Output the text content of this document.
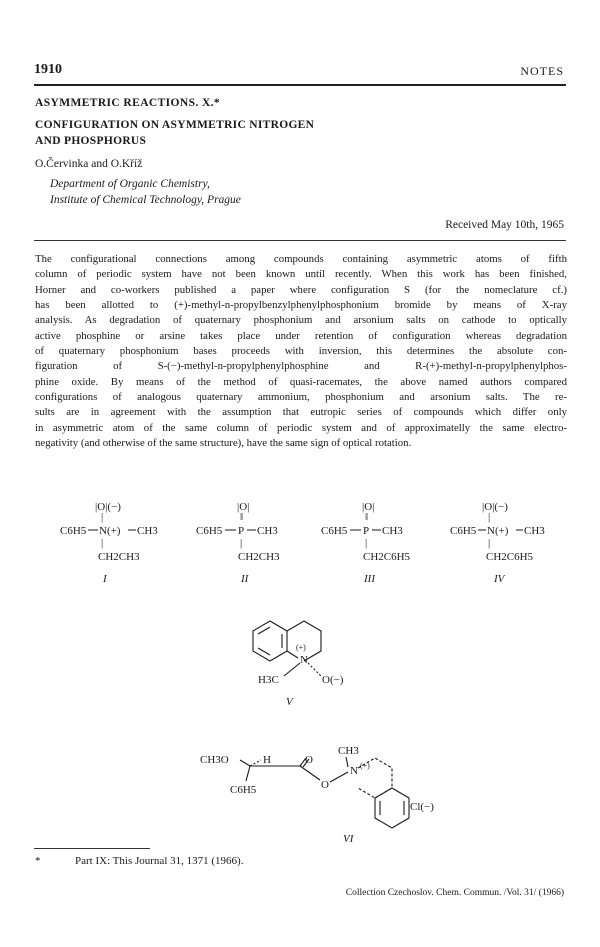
1910	NOTES
ASYMMETRIC REACTIONS. X.*
CONFIGURATION ON ASYMMETRIC NITROGEN
AND PHOSPHORUS
O.Červinka and O.Kříž
Department of Organic Chemistry,
Institute of Chemical Technology, Prague
Received May 10th, 1965
The configurational connections among compounds containing asymmetric atoms of fifth
column of periodic system have not been known until recently. When this work has been finished,
Horner and co-workers published a paper where configuration S (for the nomeclature cf.)
has been allotted to (+)-methyl-n-propylbenzylphenylphosphonium bromide by means of X-ray
analysis. As degradation of quaternary phosphonium and arsonium salts on cathode to optically
active phosphine or arsine takes place under retention of configuration whereas degradation
of quaternary phosphonium bases proceeds with inversion, this determines the absolute con-
figuration of S-(−)-methyl-n-propylphenylphosphine and R-(+)-methyl-n-propylphenylphos-
phine oxide. By means of the method of quasi-racemates, the above named authors compared
configurations of analogous quaternary ammonium, phosphonium and arsonium salts. The re-
sults are in agreement with the assumption that eutropic series of compounds which differ only
in asymmetric atom of the same column of periodic system and of approximatelly the same electro-
negativity (and otherwise of the same structure), have the same sign of optical rotation.
|O|(−)
|
C6H5 N(+) CH3
|
CH2CH3
I
|O|
‖
C6H5 P CH3
|
CH2CH3
II
|O|
‖
C6H5 P CH3
|
CH2C6H5
III
|O|(−)
|
C6H5 N(+) CH3
|
CH2C6H5
IV
(+)
N
H3C	O(−)
V
CH3O	H	O
CH3
C6H5	O
N (+)
Cl(−)
VI
*	Part IX: This Journal 31, 1371 (1966).
Collection Czechoslov. Chem. Commun. /Vol. 31/ (1966)
